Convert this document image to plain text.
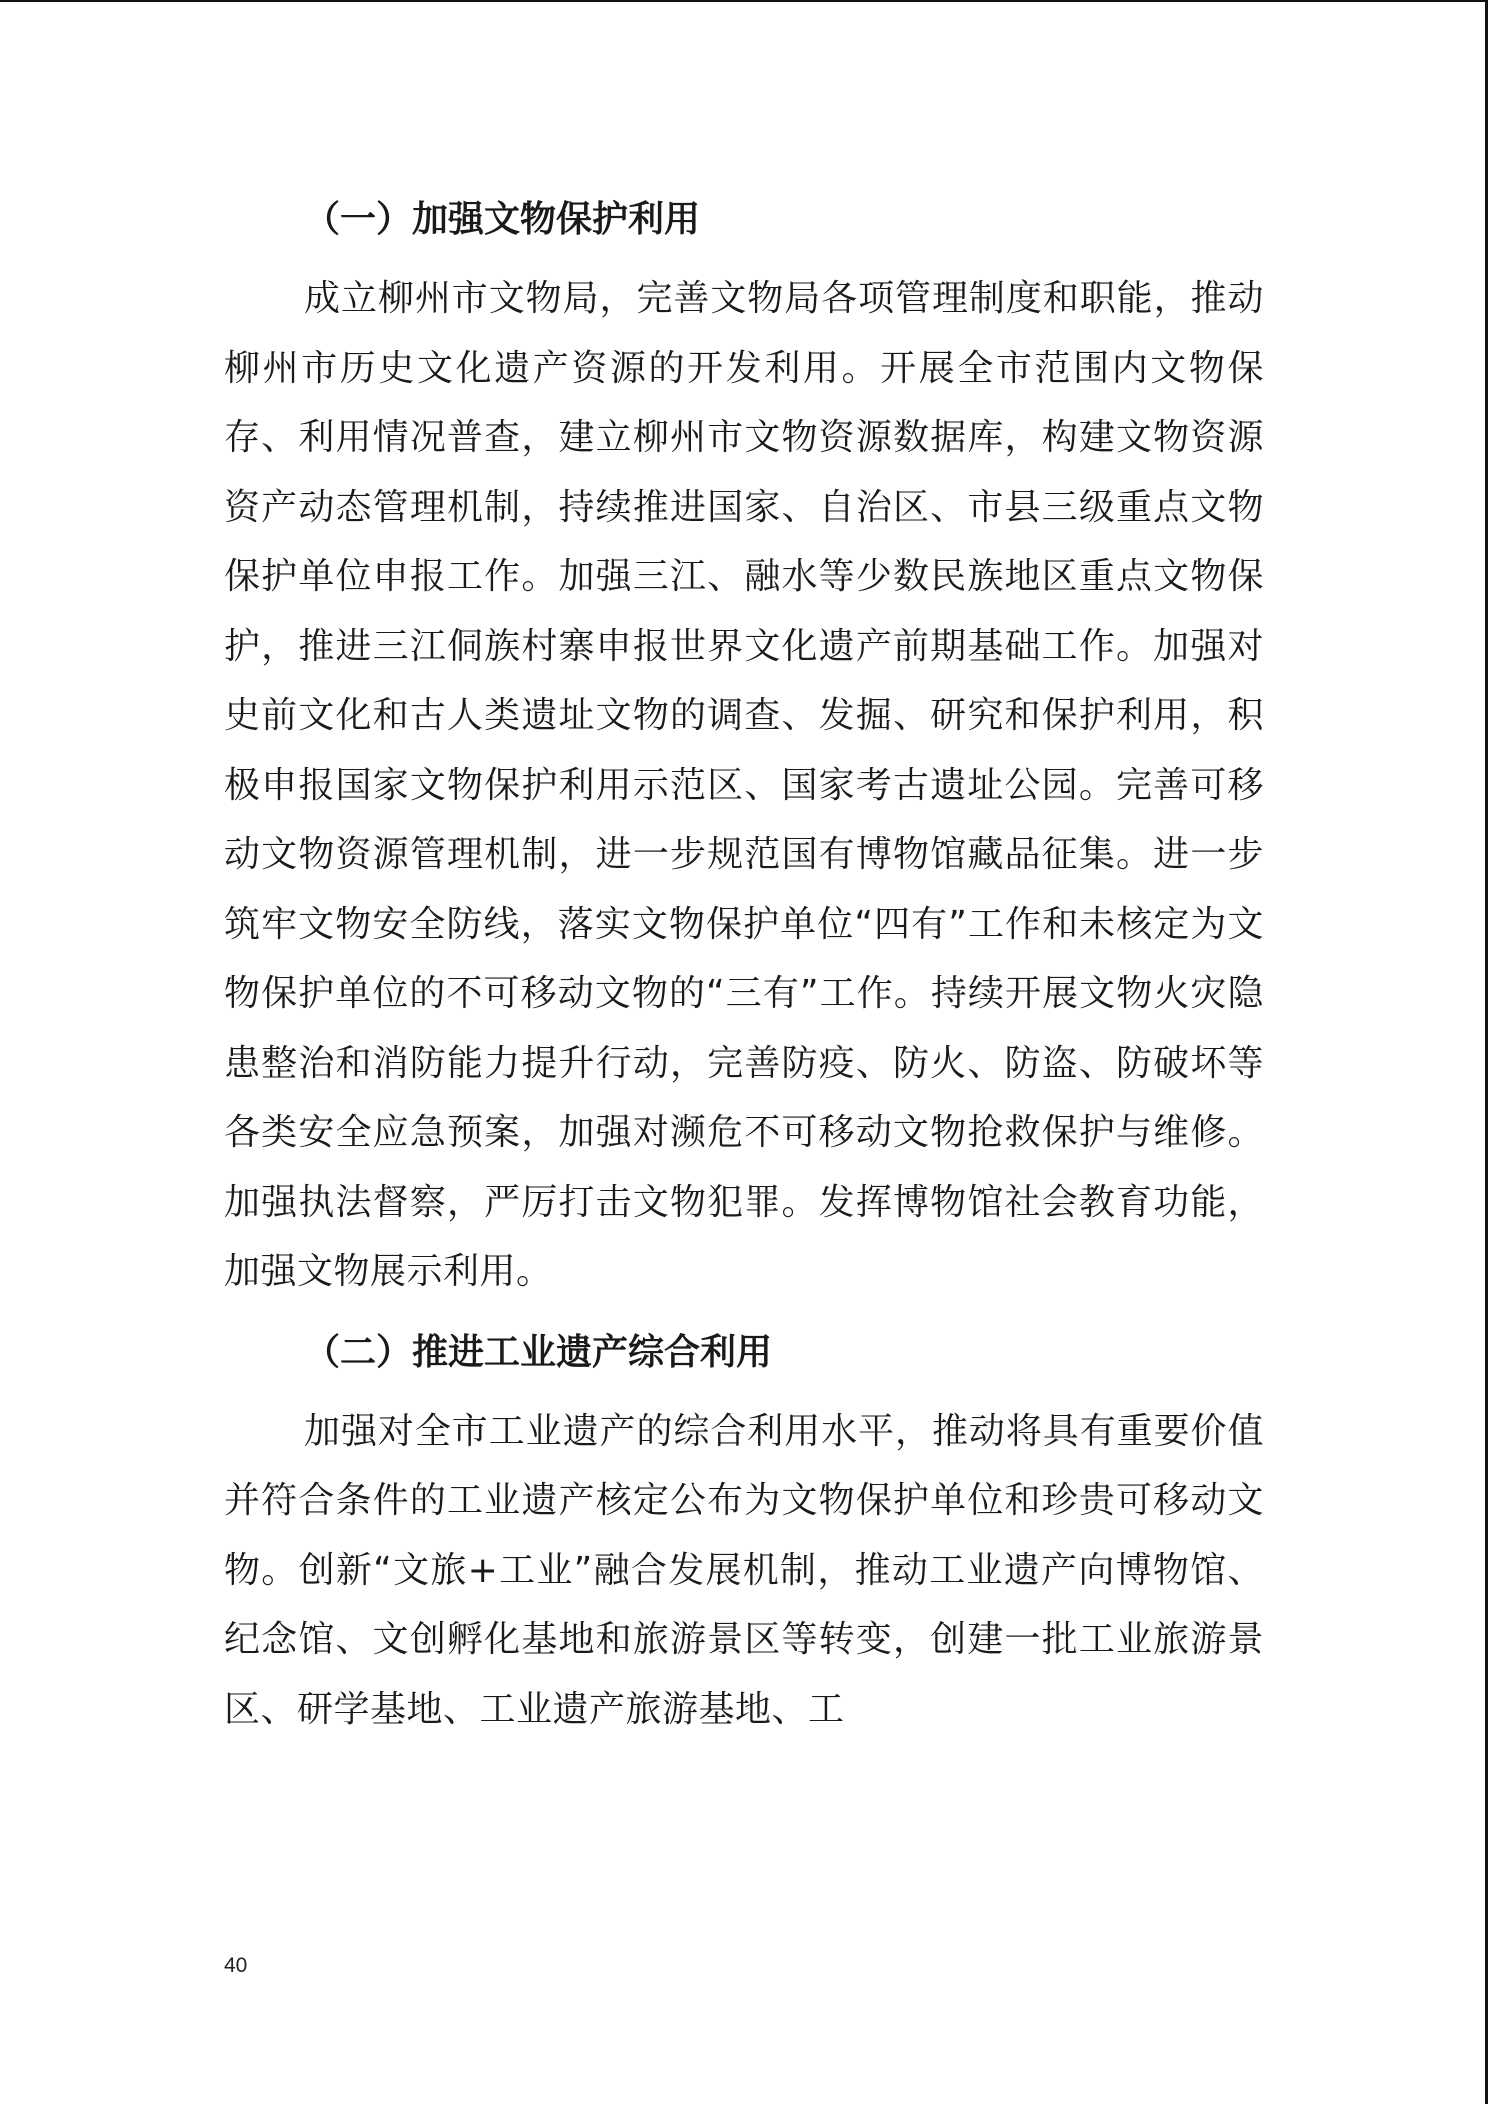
（一）加强文物保护利用

成立柳州市文物局，完善文物局各项管理制度和职能，推动柳州市历史文化遗产资源的开发利用。开展全市范围内文物保存、利用情况普查，建立柳州市文物资源数据库，构建文物资源资产动态管理机制，持续推进国家、自治区、市县三级重点文物保护单位申报工作。加强三江、融水等少数民族地区重点文物保护，推进三江侗族村寨申报世界文化遗产前期基础工作。加强对史前文化和古人类遗址文物的调查、发掘、研究和保护利用，积极申报国家文物保护利用示范区、国家考古遗址公园。完善可移动文物资源管理机制，进一步规范国有博物馆藏品征集。进一步筑牢文物安全防线，落实文物保护单位“四有”工作和未核定为文物保护单位的不可移动文物的“三有”工作。持续开展文物火灾隐患整治和消防能力提升行动，完善防疫、防火、防盗、防破坏等各类安全应急预案，加强对濒危不可移动文物抢救保护与维修。加强执法督察，严厉打击文物犯罪。发挥博物馆社会教育功能，加强文物展示利用。

（二）推进工业遗产综合利用

加强对全市工业遗产的综合利用水平，推动将具有重要价值并符合条件的工业遗产核定公布为文物保护单位和珍贵可移动文物。创新“文旅+工业”融合发展机制，推动工业遗产向博物馆、纪念馆、文创孵化基地和旅游景区等转变，创建一批工业旅游景区、研学基地、工业遗产旅游基地、工

40
